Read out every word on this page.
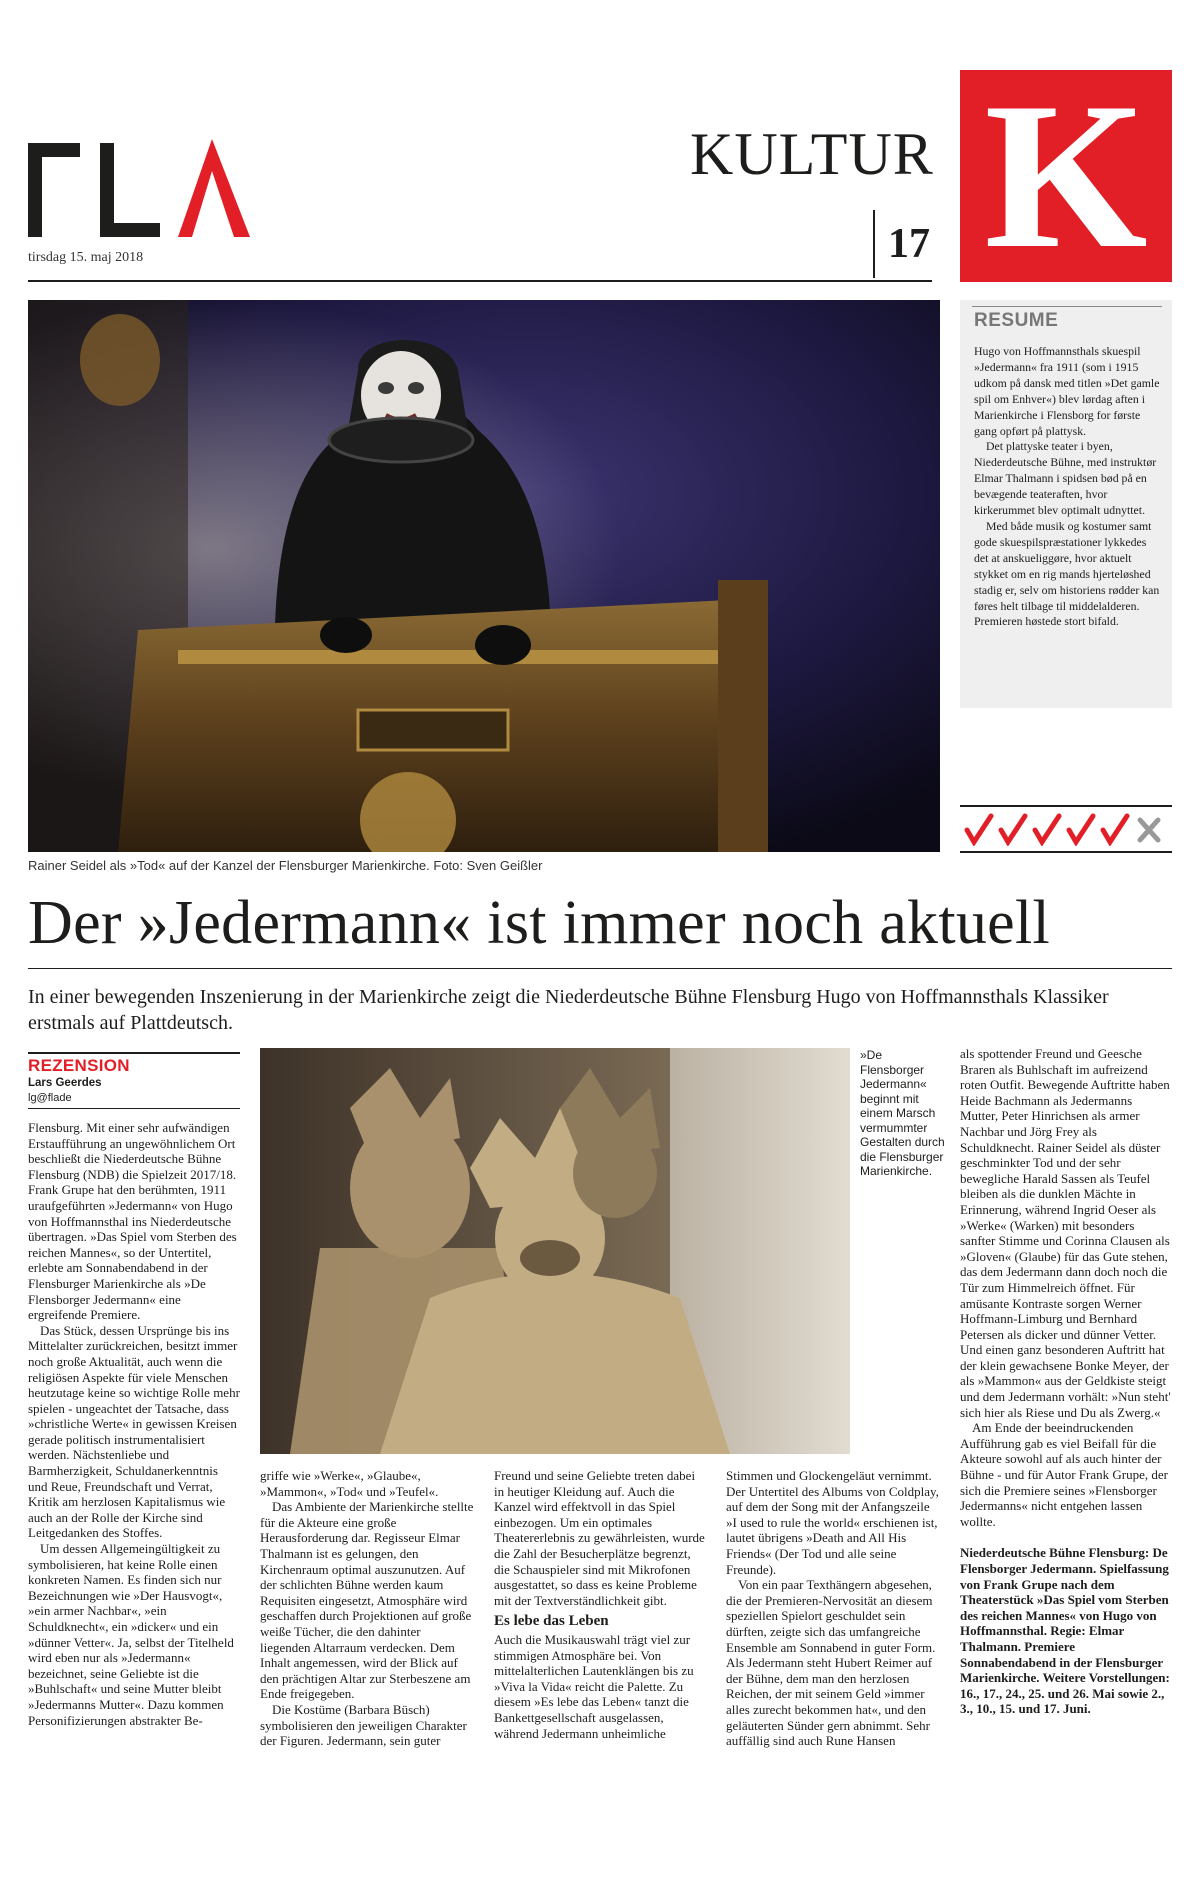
tirsdag 15. maj 2018
KULTUR
17 K
Rainer Seidel als »Tod« auf der Kanzel der Flensburger Marienkirche. Foto: Sven Geißler
RESUME

Hugo von Hoffmannsthals skuespil »Jedermann« fra 1911 (som i 1915 udkom på dansk med titlen »Det gamle spil om Enhver«) blev lørdag aften i Marienkirche i Flensborg for første gang opført på plattysk.

Det plattyske teater i byen, Niederdeutsche Bühne, med instruktør Elmar Thalmann i spidsen bød på en bevægende teateraften, hvor kirkerummet blev optimalt udnyttet.

Med både musik og kostumer samt gode skuespilspræstationer lykkedes det at anskueliggøre, hvor aktuelt stykket om en rig mands hjerteløshed stadig er, selv om historiens rødder kan føres helt tilbage til middelalderen. Premieren høstede stort bifald.

Der »Jedermann« ist immer noch aktuell
In einer bewegenden Inszenierung in der Marienkirche zeigt die Niederdeutsche Bühne Flensburg Hugo von Hoffmannsthals Klassiker erstmals auf Plattdeutsch.
REZENSION
Lars Geerdes
lg@flade

Flensburg. Mit einer sehr aufwändigen Erstaufführung an ungewöhnlichem Ort beschließt die Niederdeutsche Bühne Flensburg (NDB) die Spielzeit 2017/18. Frank Grupe hat den berühmten, 1911 uraufgeführten »Jedermann« von Hugo von Hoffmannsthal ins Niederdeutsche übertragen. »Das Spiel vom Sterben des reichen Mannes«, so der Untertitel, erlebte am Sonnabendabend in der Flensburger Marienkirche als »De Flensborger Jedermann« eine ergreifende Premiere.

Das Stück, dessen Ursprünge bis ins Mittelalter zurückreichen, besitzt immer noch große Aktualität, auch wenn die religiösen Aspekte für viele Menschen heutzutage keine so wichtige Rolle mehr spielen - ungeachtet der Tatsache, dass »christliche Werte« in gewissen Kreisen gerade politisch instrumentalisiert werden. Nächstenliebe und Barmherzigkeit, Schuldanerkenntnis und Reue, Freundschaft und Verrat, Kritik am herzlosen Kapitalismus wie auch an der Rolle der Kirche sind Leitgedanken des Stoffes.

Um dessen Allgemeingültigkeit zu symbolisieren, hat keine Rolle einen konkreten Namen. Es finden sich nur Bezeichnungen wie »Der Hausvogt«, »ein armer Nachbar«, »ein Schuldknecht«, ein »dicker« und ein »dünner Vetter«. Ja, selbst der Titelheld wird eben nur als »Jedermann« bezeichnet, seine Geliebte ist die »Buhlschaft« und seine Mutter bleibt »Jedermanns Mutter«. Dazu kommen Personifizierungen abstrakter Be-

»De Flensborger Jedermann« beginnt mit einem Marsch vermummter Gestalten durch die Flensburger Marienkirche.

griffe wie »Werke«, »Glaube«, »Mammon«, »Tod« und »Teufel«.

Das Ambiente der Marienkirche stellte für die Akteure eine große Herausforderung dar. Regisseur Elmar Thalmann ist es gelungen, den Kirchenraum optimal auszunutzen. Auf der schlichten Bühne werden kaum Requisiten eingesetzt, Atmosphäre wird geschaffen durch Projektionen auf große weiße Tücher, die den dahinter liegenden Altarraum verdecken. Dem Inhalt angemessen, wird der Blick auf den prächtigen Altar zur Sterbeszene am Ende freigegeben.

Die Kostüme (Barbara Büsch) symbolisieren den jeweiligen Charakter der Figuren. Jedermann, sein guter

Freund und seine Geliebte treten dabei in heutiger Kleidung auf. Auch die Kanzel wird effektvoll in das Spiel einbezogen. Um ein optimales Theatererlebnis zu gewährleisten, wurde die Zahl der Besucherplätze begrenzt, die Schauspieler sind mit Mikrofonen ausgestattet, so dass es keine Probleme mit der Textverständlichkeit gibt.

Es lebe das Leben

Auch die Musikauswahl trägt viel zur stimmigen Atmosphäre bei. Von mittelalterlichen Lautenklängen bis zu »Viva la Vida« reicht die Palette. Zu diesem »Es lebe das Leben« tanzt die Bankettgesellschaft ausgelassen, während Jedermann unheimliche

Stimmen und Glockengeläut vernimmt. Der Untertitel des Albums von Coldplay, auf dem der Song mit der Anfangszeile »I used to rule the world« erschienen ist, lautet übrigens »Death and All His Friends« (Der Tod und alle seine Freunde).

Von ein paar Texthängern abgesehen, die der Premieren-Nervosität an diesem speziellen Spielort geschuldet sein dürften, zeigte sich das umfangreiche Ensemble am Sonnabend in guter Form. Als Jedermann steht Hubert Reimer auf der Bühne, dem man den herzlosen Reichen, der mit seinem Geld »immer alles zurecht bekommen hat«, und den geläuterten Sünder gern abnimmt. Sehr auffällig sind auch Rune Hansen

als spottender Freund und Geesche Braren als Buhlschaft im aufreizend roten Outfit. Bewegende Auftritte haben Heide Bachmann als Jedermanns Mutter, Peter Hinrichsen als armer Nachbar und Jörg Frey als Schuldknecht. Rainer Seidel als düster geschminkter Tod und der sehr bewegliche Harald Sassen als Teufel bleiben als die dunklen Mächte in Erinnerung, während Ingrid Oeser als »Werke« (Warken) mit besonders sanfter Stimme und Corinna Clausen als »Gloven« (Glaube) für das Gute stehen, das dem Jedermann dann doch noch die Tür zum Himmelreich öffnet. Für amüsante Kontraste sorgen Werner Hoffmann-Limburg und Bernhard Petersen als dicker und dünner Vetter. Und einen ganz besonderen Auftritt hat der klein gewachsene Bonke Meyer, der als »Mammon« aus der Geldkiste steigt und dem Jedermann vorhält: »Nun steht' sich hier als Riese und Du als Zwerg.«

Am Ende der beeindruckenden Aufführung gab es viel Beifall für die Akteure sowohl auf als auch hinter der Bühne - und für Autor Frank Grupe, der sich die Premiere seines »Flensborger Jedermanns« nicht entgehen lassen wollte.

Niederdeutsche Bühne Flensburg: De Flensborger Jedermann. Spielfassung von Frank Grupe nach dem Theaterstück »Das Spiel vom Sterben des reichen Mannes« von Hugo von Hoffmannsthal. Regie: Elmar Thalmann. Premiere Sonnabendabend in der Flensburger Marienkirche. Weitere Vorstellungen: 16., 17., 24., 25. und 26. Mai sowie 2., 3., 10., 15. und 17. Juni.
